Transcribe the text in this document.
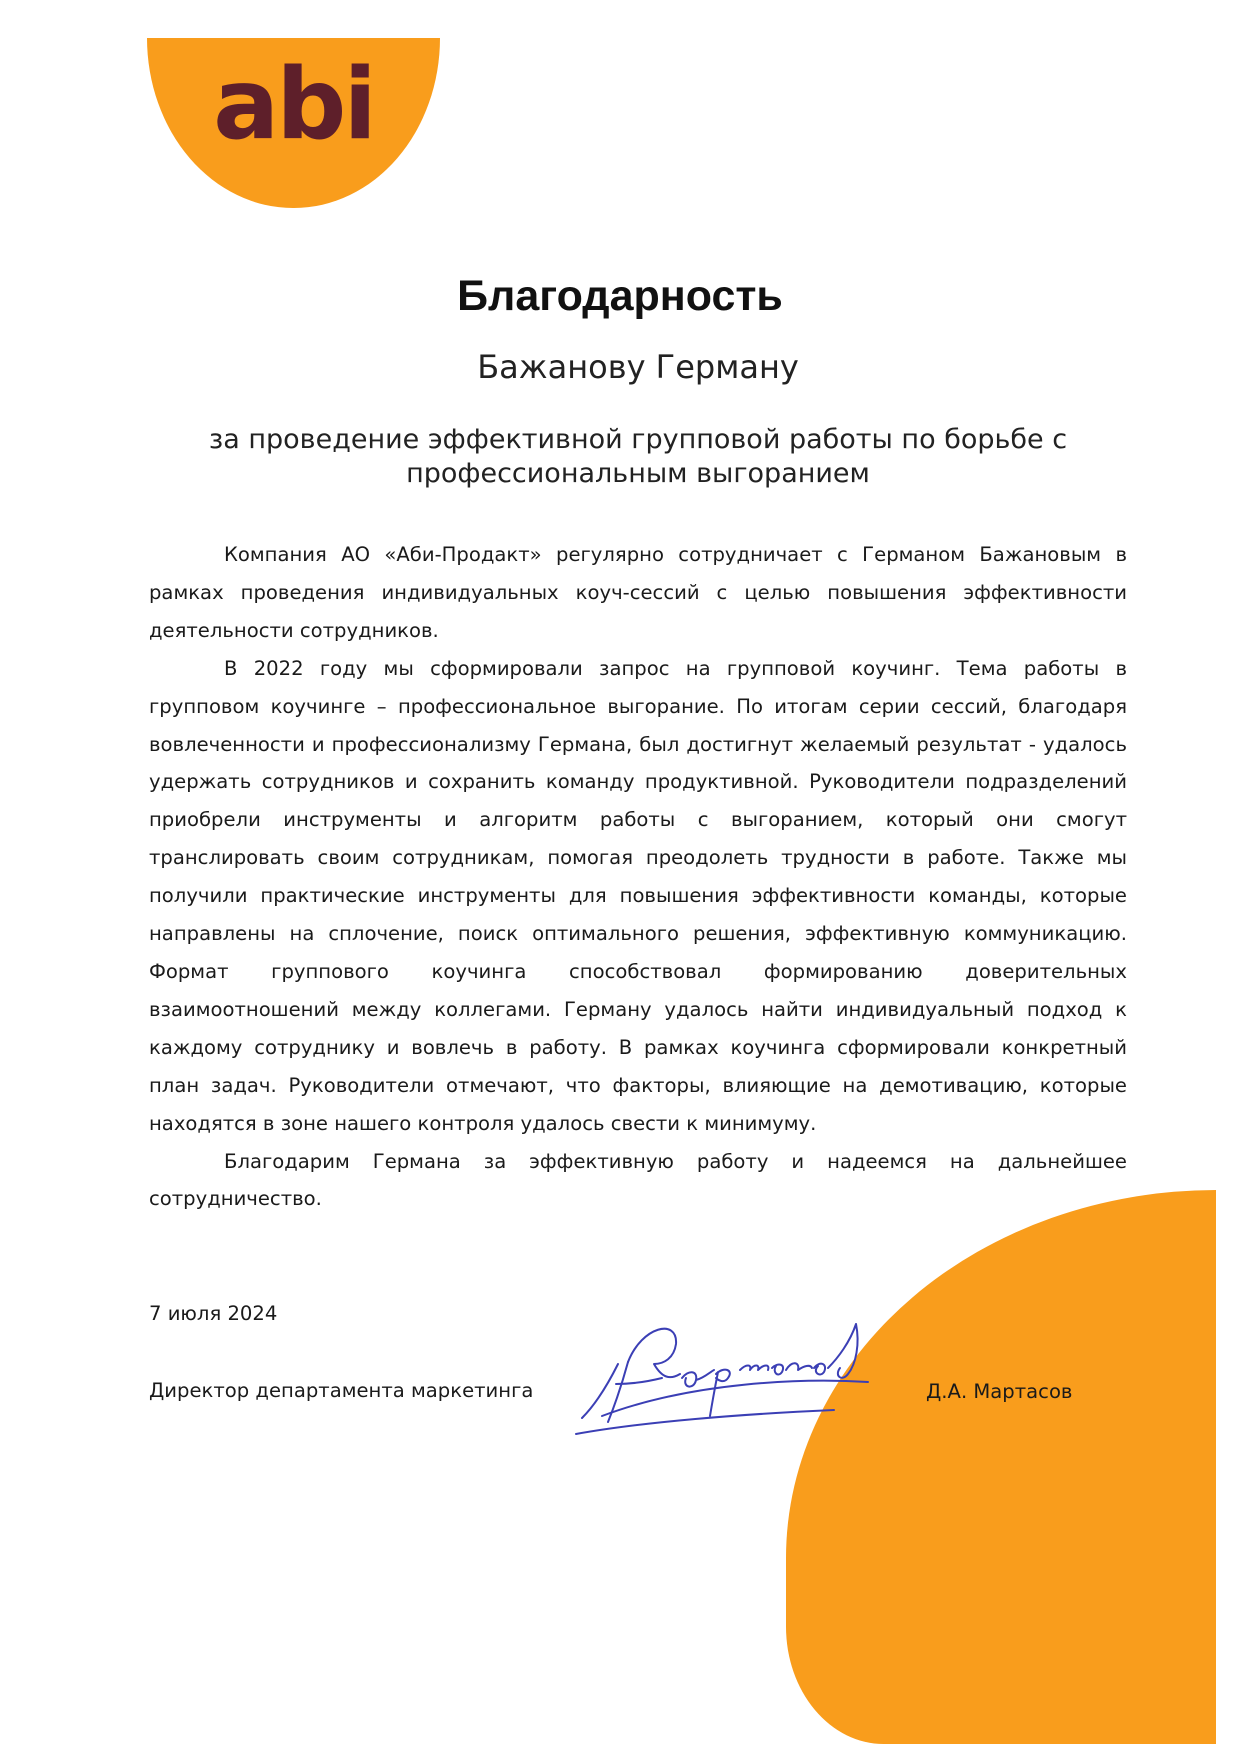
abi
Благодарность
Бажанову Герману
за проведение эффективной групповой работы по борьбе с
профессиональным выгоранием

Компания АО «Аби-Продакт» регулярно сотрудничает с Германом Бажановым в рамках проведения индивидуальных коуч-сессий с целью повышения эффективности деятельности сотрудников.

В 2022 году мы сформировали запрос на групповой коучинг. Тема работы в групповом коучинге – профессиональное выгорание. По итогам серии сессий, благодаря вовлеченности и профессионализму Германа, был достигнут желаемый результат - удалось удержать сотрудников и сохранить команду продуктивной. Руководители подразделений приобрели инструменты и алгоритм работы с выгоранием, который они смогут транслировать своим сотрудникам, помогая преодолеть трудности в работе. Также мы получили практические инструменты для повышения эффективности команды, которые направлены на сплочение, поиск оптимального решения, эффективную коммуникацию. Формат группового коучинга способствовал формированию доверительных взаимоотношений между коллегами. Герману удалось найти индивидуальный подход к каждому сотруднику и вовлечь в работу. В рамках коучинга сформировали конкретный план задач. Руководители отмечают, что факторы, влияющие на демотивацию, которые находятся в зоне нашего контроля удалось свести к минимуму.

Благодарим Германа за эффективную работу и надеемся на дальнейшее сотрудничество.

7 июля 2024
Директор департамента маркетинга	Д.А. Мартасов
